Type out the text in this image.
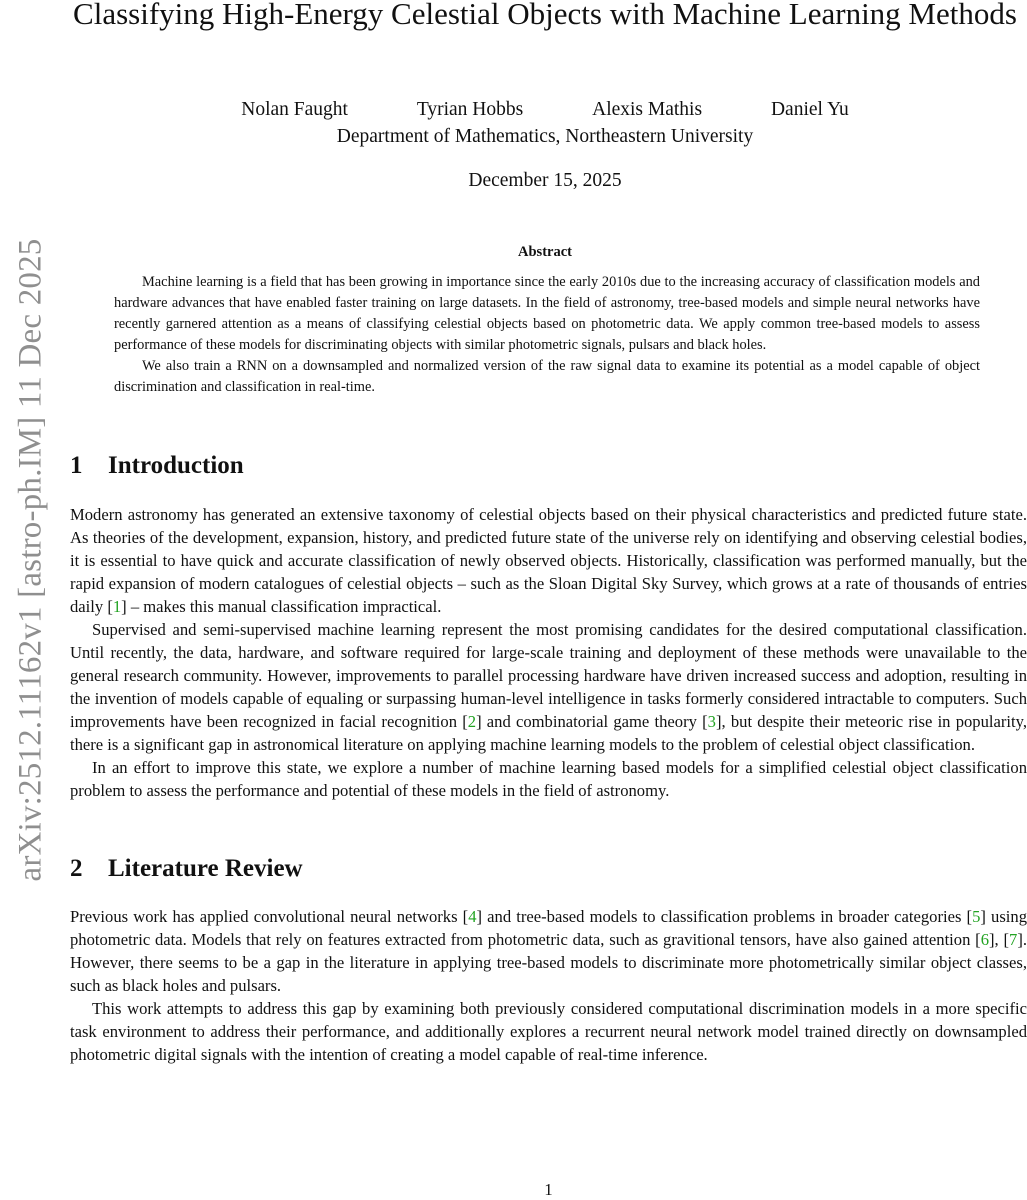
arXiv:2512.11162v1 [astro-ph.IM] 11 Dec 2025
Classifying High-Energy Celestial Objects with Machine Learning Methods
Nolan Faught	Tyrian Hobbs	Alexis Mathis	Daniel Yu
Department of Mathematics, Northeastern University
December 15, 2025
Abstract

Machine learning is a field that has been growing in importance since the early 2010s due to the increasing accuracy of classification models and hardware advances that have enabled faster training on large datasets. In the field of astronomy, tree-based models and simple neural networks have recently garnered attention as a means of classifying celestial objects based on photometric data. We apply common tree-based models to assess performance of these models for discriminating objects with similar photometric signals, pulsars and black holes.

We also train a RNN on a downsampled and normalized version of the raw signal data to examine its potential as a model capable of object discrimination and classification in real-time.

1 Introduction

Modern astronomy has generated an extensive taxonomy of celestial objects based on their physical characteristics and predicted future state. As theories of the development, expansion, history, and predicted future state of the universe rely on identifying and observing celestial bodies, it is essential to have quick and accurate classification of newly observed objects. Historically, classification was performed manually, but the rapid expansion of modern catalogues of celestial objects – such as the Sloan Digital Sky Survey, which grows at a rate of thousands of entries daily [1] – makes this manual classification impractical.

Supervised and semi-supervised machine learning represent the most promising candidates for the desired computational classification. Until recently, the data, hardware, and software required for large-scale training and deployment of these methods were unavailable to the general research community. However, improvements to parallel processing hardware have driven increased success and adoption, resulting in the invention of models capable of equaling or surpassing human-level intelligence in tasks formerly considered intractable to computers. Such improvements have been recognized in facial recognition [2] and combinatorial game theory [3], but despite their meteoric rise in popularity, there is a significant gap in astronomical literature on applying machine learning models to the problem of celestial object classification.

In an effort to improve this state, we explore a number of machine learning based models for a simplified celestial object classification problem to assess the performance and potential of these models in the field of astronomy.

2 Literature Review

Previous work has applied convolutional neural networks [4] and tree-based models to classification problems in broader categories [5] using photometric data. Models that rely on features extracted from photometric data, such as gravitional tensors, have also gained attention [6], [7]. However, there seems to be a gap in the literature in applying tree-based models to discriminate more photometrically similar object classes, such as black holes and pulsars.

This work attempts to address this gap by examining both previously considered computational discrimination models in a more specific task environment to address their performance, and additionally explores a recurrent neural network model trained directly on downsampled photometric digital signals with the intention of creating a model capable of real-time inference.

1
